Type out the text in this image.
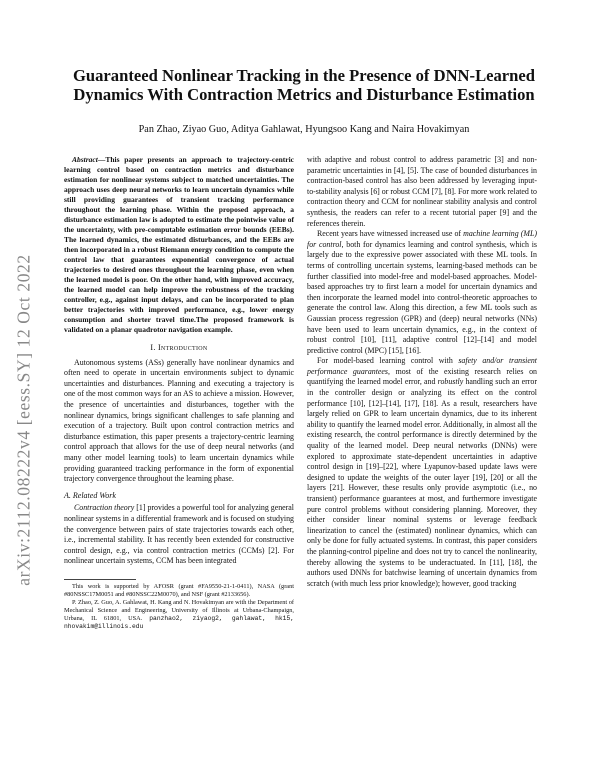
arXiv:2112.08222v4 [eess.SY] 12 Oct 2022
Guaranteed Nonlinear Tracking in the Presence of DNN-Learned Dynamics With Contraction Metrics and Disturbance Estimation
Pan Zhao, Ziyao Guo, Aditya Gahlawat, Hyungsoo Kang and Naira Hovakimyan

Abstract—This paper presents an approach to trajectory-centric learning control based on contraction metrics and disturbance estimation for nonlinear systems subject to matched uncertainties. The approach uses deep neural networks to learn uncertain dynamics while still providing guarantees of transient tracking performance throughout the learning phase. Within the proposed approach, a disturbance estimation law is adopted to estimate the pointwise value of the uncertainty, with pre-computable estimation error bounds (EEBs). The learned dynamics, the estimated disturbances, and the EEBs are then incorporated in a robust Riemann energy condition to compute the control law that guarantees exponential convergence of actual trajectories to desired ones throughout the learning phase, even when the learned model is poor. On the other hand, with improved accuracy, the learned model can help improve the robustness of the tracking controller, e.g., against input delays, and can be incorporated to plan better trajectories with improved performance, e.g., lower energy consumption and shorter travel time.The proposed framework is validated on a planar quadrotor navigation example.

I. Introduction

Autonomous systems (ASs) generally have nonlinear dynamics and often need to operate in uncertain environments subject to dynamic uncertainties and disturbances. Planning and executing a trajectory is one of the most common ways for an AS to achieve a mission. However, the presence of uncertainties and disturbances, together with the nonlinear dynamics, brings significant challenges to safe planning and execution of a trajectory. Built upon control contraction metrics and disturbance estimation, this paper presents a trajectory-centric learning control approach that allows for the use of deep neural networks (and many other model learning tools) to learn uncertain dynamics while providing guaranteed tracking performance in the form of exponential trajectory convergence throughout the learning phase.

A. Related Work

Contraction theory [1] provides a powerful tool for analyzing general nonlinear systems in a differential framework and is focused on studying the convergence between pairs of state trajectories towards each other, i.e., incremental stability. It has recently been extended for constructive control design, e.g., via control contraction metrics (CCMs) [2]. For nonlinear uncertain systems, CCM has been integrated

This work is supported by AFOSR (grant #FA9550-21-1-0411), NASA (grant #80NSSC17M0051 and #80NSSC22M0070), and NSF (grant #2133656).

P. Zhao, Z. Guo, A. Gahlawat, H. Kang and N. Hovakimyan are with the Department of Mechanical Science and Engineering, University of Illinois at Urbana-Champaign, Urbana, IL 61801, USA. panzhao2, ziyaog2, gahlawat, hk15, nhovakim@illinois.edu

with adaptive and robust control to address parametric [3] and non-parametric uncertainties in [4], [5]. The case of bounded disturbances in contraction-based control has also been addressed by leveraging input-to-stability analysis [6] or robust CCM [7], [8]. For more work related to contraction theory and CCM for nonlinear stability analysis and control synthesis, the readers can refer to a recent tutorial paper [9] and the references therein.

Recent years have witnessed increased use of machine learning (ML) for control, both for dynamics learning and control synthesis, which is largely due to the expressive power associated with these ML tools. In terms of controlling uncertain systems, learning-based methods can be further classified into model-free and model-based approaches. Model-based approaches try to first learn a model for uncertain dynamics and then incorporate the learned model into control-theoretic approaches to generate the control law. Along this direction, a few ML tools such as Gaussian process regression (GPR) and (deep) neural networks (NNs) have been used to learn uncertain dynamics, e.g., in the context of robust control [10], [11], adaptive control [12]–[14] and model predictive control (MPC) [15], [16].

For model-based learning control with safety and/or transient performance guarantees, most of the existing research relies on quantifying the learned model error, and robustly handling such an error in the controller design or analyzing its effect on the control performance [10], [12]–[14], [17], [18]. As a result, researchers have largely relied on GPR to learn uncertain dynamics, due to its inherent ability to quantify the learned model error. Additionally, in almost all the existing research, the control performance is directly determined by the quality of the learned model. Deep neural networks (DNNs) were explored to approximate state-dependent uncertainties in adaptive control design in [19]–[22], where Lyapunov-based update laws were designed to update the weights of the outer layer [19], [20] or all the layers [21]. However, these results only provide asymptotic (i.e., no transient) performance guarantees at most, and furthermore investigate pure control problems without considering planning. Moreover, they either consider linear nominal systems or leverage feedback linearization to cancel the (estimated) nonlinear dynamics, which can only be done for fully actuated systems. In contrast, this paper considers the planning-control pipeline and does not try to cancel the nonlinearity, thereby allowing the systems to be underactuated. In [11], [18], the authors used DNNs for batchwise learning of uncertain dynamics from scratch (with much less prior knowledge); however, good tracking
